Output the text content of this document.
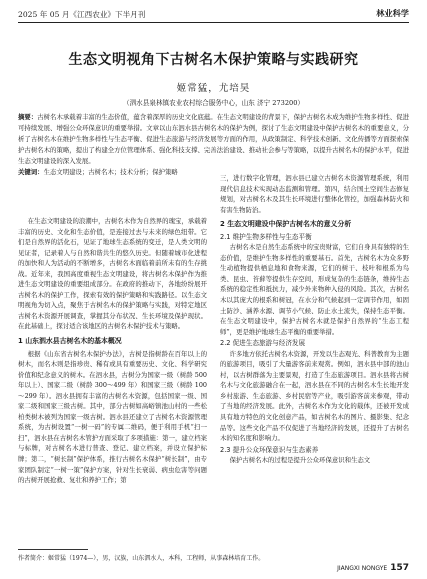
2025 年 05 月《江西农业》下半月刊	林业科学
生态文明视角下古树名木保护策略与实践研究
姬常猛，尤培昊
（泗水县泉林镇农业农村综合服务中心，山东 济宁 273200）
摘要：古树名木承载着丰富的生态价值，蕴含着深厚的历史文化底蕴。在生态文明建设的背景下，保护古树名木成为维护生物多样性、促进可持续发展、增强公众环保意识的重要举措。文章以山东泗水县古树名木的保护为例，探讨了生态文明建设中保护古树名木的重要意义，分析了古树名木在维护生物多样性与生态平衡、促进生态旅游与经济发展等方面的作用，从政策制定、科学技术创新、文化传播等方面探索保护古树名木的策略，提出了构建全方位管理体系、强化科技支撑、完善法治建设、推动社会参与等策略，以提升古树名木的保护水平，促进生态文明建设的深入发展。
关键词：生态文明建设；古树名木；技术分析；保护策略

在生态文明建设的浪潮中，古树名木作为自然界的瑰宝，承载着丰富的历史、文化和生态价值，是连接过去与未来的绿色纽带。它们是自然界的活化石，见证了地球生态系统的变迁，是人类文明的见证者，记录着人与自然和谐共生的悠久历史。但随着城市化进程的加快和人为活动的不断增多，古树名木面临着前所未有的生存挑战。近年来，我国高度重视生态文明建设，将古树名木保护作为推进生态文明建设的重要组成部分。在政府的推动下，各地纷纷展开古树名木的保护工作，探索有效的保护策略和实践路径。以生态文明视角为切入点，聚焦于古树名木的保护策略与实践，对特定地区古树名木资源开展调查，掌握其分布状况、生长环境及保护现状。在此基础上，探讨适合该地区的古树名木保护技术与策略。

1 山东泗水县古树名木的基本概况

根据《山东省古树名木保护办法》，古树是指树龄在百年以上的树木，而名木则是指珍贵、稀有或具有重要历史、文化、科学研究价值和纪念意义的树木。在泗水县，古树分为国家一级（树龄 500 年以上）、国家二级（树龄 300～499 年）和国家三级（树龄 100～299 年）。泗水县拥有丰富的古树名木资源，包括国家一级、国家二级和国家三级古树。其中，部分古树如高峪镇池山村的一些松柏类树木被列为国家一级古树。泗水县还建立了古树名木资源管理系统，为古树设置“一树一码”的专属二维码，便于利用手机“扫一扫”，泗水县在古树名木管护方面采取了多项措施：第一，建立档案与标牌，对古树名木进行普查、登记、建立档案，并设立保护标牌；第二，“树长制”保护体系，推行古树名木保护“树长制”，由专家团队制定“一树一策”保护方案，针对生长衰弱、病虫危害等问题的古树开展抢救、复壮和养护工作；第

三，进行数字化管理，泗水县已建立古树名木资源管理系统，利用现代信息技术实现动态监测和管理。第四，结合国土空间生态修复规划，对古树名木及其生长环境进行整体化管控，加强森林防火和有害生物防治。

2 生态文明建设中保护古树名木的意义分析
2.1 维护生物多样性与生态平衡

古树名木是自然生态系统中的宝贵财富，它们自身具有独特的生态价值，是维护生物多样性的重要基石。首先，古树名木为众多野生动植物提供栖息地和食物来源，它们的树干、枝叶和根系为鸟类、昆虫、苔藓等提供生存空间，形成复杂的生态链条，维持生态系统的稳定性和抵抗力，减少外来物种入侵的风险。其次，古树名木以其庞大的根系和树冠，在水分和气候起到一定调节作用，如固土防沙、涵养水源、调节小气候、防止水土流失，保持生态平衡。在生态文明建设中，保护古树名木就是保护自然界的“生态工程师”，更是维护地球生态平衡的重要举措。

2.2 促进生态旅游与经济发展

许多地方依托古树名木资源，开发以生态观光、科普教育为主题的旅游项目，吸引了大量游客前来观赏。例如，泗水县中部的池山村，以古树群落为主要景观，打造了生态旅游项目。泗水县将古树名木与文化旅游融合在一起，泗水县在不同的古树名木生长地开发乡村旅游、生态旅游、乡村民宿等产业，吸引游客前来参观，带动了当地的经济发展。此外，古树名木作为文化的载体，还被开发成具有地方特色的文化创意产品，如古树名木的图片、摄影集、纪念品等。这些文化产品不仅促进了当地经济的发展，还提升了古树名木的知名度和影响力。

2.3 提升公众环保意识与生态素养

保护古树名木的过程是提升公众环保意识和生态文

作者简介：姬常猛（1974—），男，汉族，山东泗水人，本科，工程师，从事森林培育工作。
JIANGXI NONGYE 157
